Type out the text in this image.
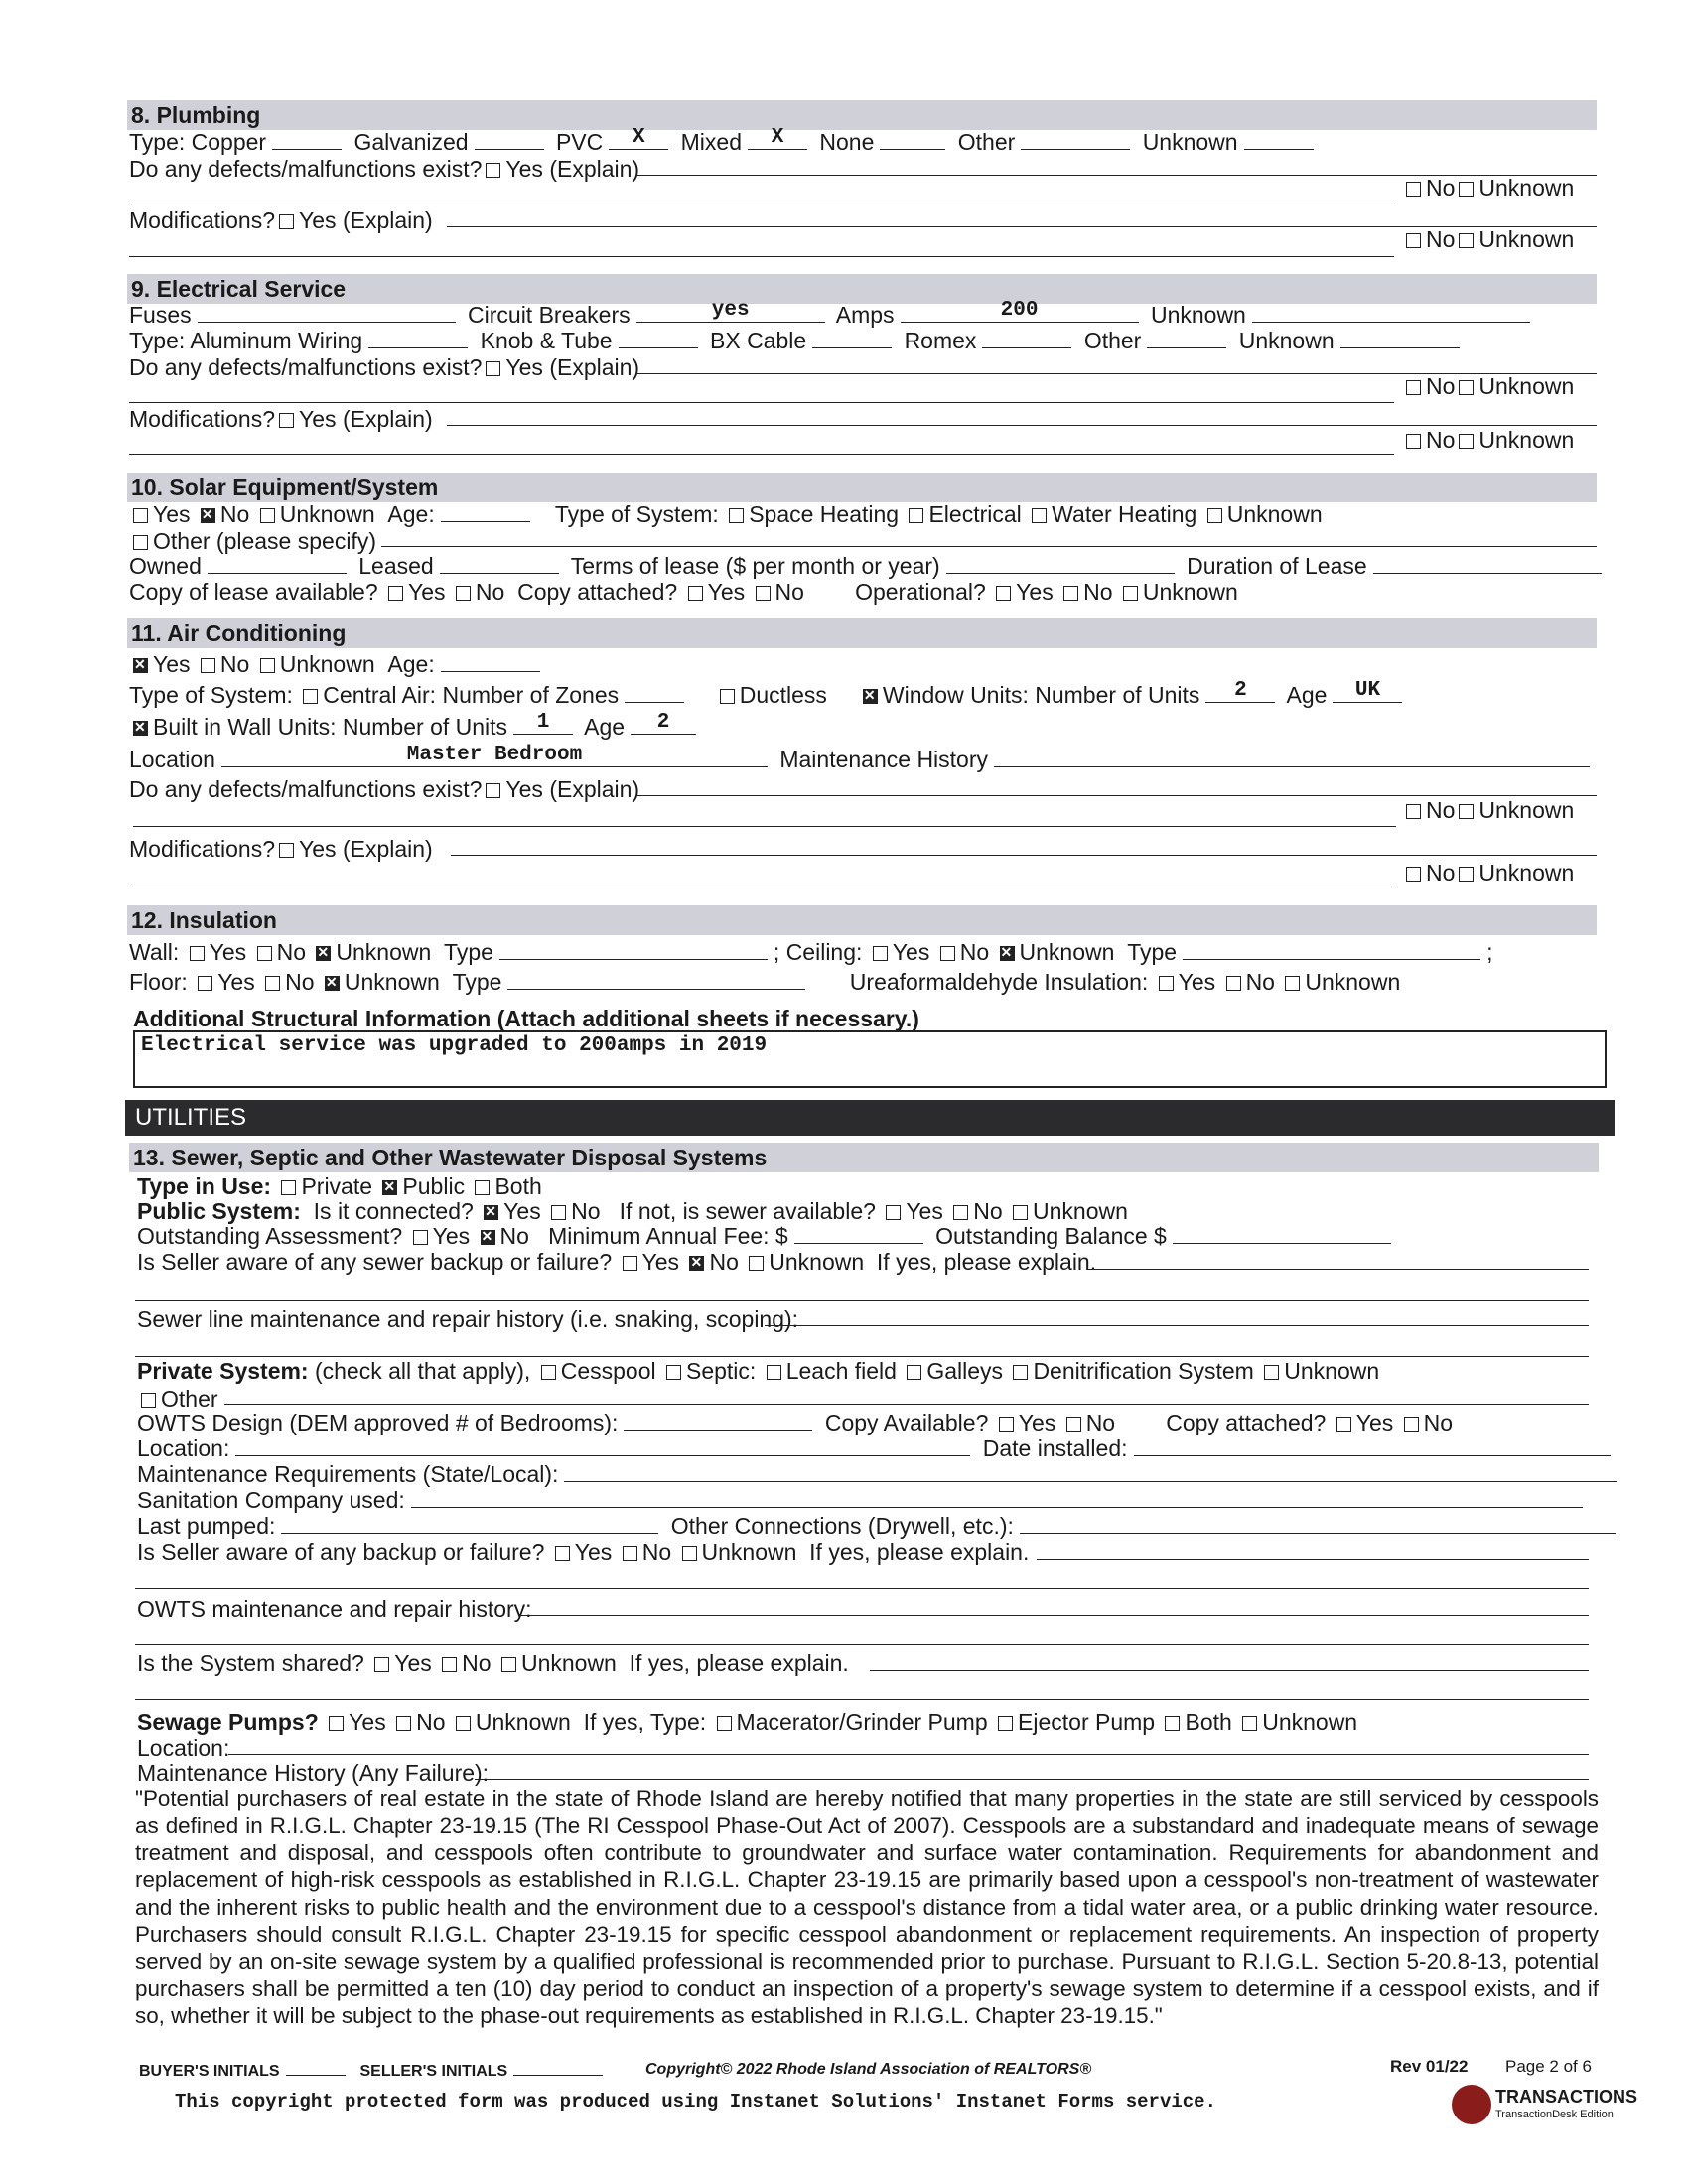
8. Plumbing
Type: Copper	Galvanized	PVC	X	Mixed	X	None	Other	Unknown
Do any defects/malfunctions exist? Yes (Explain)
No Unknown
Modifications? Yes (Explain)
No Unknown
9. Electrical Service
Fuses	Circuit Breakers	yes	Amps	200	Unknown
Type: Aluminum Wiring	Knob & Tube	BX Cable	Romex	Other	Unknown
Do any defects/malfunctions exist? Yes (Explain)
No Unknown
Modifications? Yes (Explain)
No Unknown
10. Solar Equipment/System
Yes ✕ No Unknown Age:	Type of System: Space Heating Electrical Water Heating Unknown
Other (please specify)
Owned	Leased	Terms of lease ($ per month or year)	Duration of Lease
Copy of lease available? Yes No Copy attached? Yes No Operational? Yes No Unknown
11. Air Conditioning
✕Yes No Unknown Age:
Type of System: Central Air: Number of Zones	Ductless ✕ Window Units: Number of Units	2	Age	UK
✕Built in Wall Units: Number of Units	1	Age	2
Location	Master Bedroom	Maintenance History
Do any defects/malfunctions exist? Yes (Explain)
No Unknown
Modifications? Yes (Explain)
No Unknown
12. Insulation
Wall: Yes No ✕ Unknown Type	; Ceiling: Yes No ✕ Unknown Type	;
Floor: Yes No ✕ Unknown Type	Ureaformaldehyde Insulation: Yes No Unknown
Additional Structural Information (Attach additional sheets if necessary.)
Electrical service was upgraded to 200amps in 2019
UTILITIES
13. Sewer, Septic and Other Wastewater Disposal Systems
Type in Use: Private ✕ Public Both
Public System: Is it connected? ✕ Yes No If not, is sewer available? Yes No Unknown
Outstanding Assessment? Yes ✕ No Minimum Annual Fee: $	Outstanding Balance $
Is Seller aware of any sewer backup or failure? Yes ✕ No Unknown If yes, please explain.
Sewer line maintenance and repair history (i.e. snaking, scoping):
Private System: (check all that apply), Cesspool Septic: Leach field Galleys Denitrification System Unknown
Other
OWTS Design (DEM approved # of Bedrooms):	Copy Available? Yes No Copy attached? Yes No
Location:	Date installed:
Maintenance Requirements (State/Local):
Sanitation Company used:
Last pumped:	Other Connections (Drywell, etc.):
Is Seller aware of any backup or failure? Yes No Unknown If yes, please explain.
OWTS maintenance and repair history:
Is the System shared? Yes No Unknown If yes, please explain.
Sewage Pumps? Yes No Unknown If yes, Type: Macerator/Grinder Pump Ejector Pump Both Unknown
Location:
Maintenance History (Any Failure):
"Potential purchasers of real estate in the state of Rhode Island are hereby notified that many properties in the state are still serviced by cesspools as defined in R.I.G.L. Chapter 23-19.15 (The RI Cesspool Phase-Out Act of 2007). Cesspools are a substandard and inadequate means of sewage treatment and disposal, and cesspools often contribute to groundwater and surface water contamination. Requirements for abandonment and replacement of high-risk cesspools as established in R.I.G.L. Chapter 23-19.15 are primarily based upon a cesspool's non-treatment of wastewater and the inherent risks to public health and the environment due to a cesspool's distance from a tidal water area, or a public drinking water resource. Purchasers should consult R.I.G.L. Chapter 23-19.15 for specific cesspool abandonment or replacement requirements. An inspection of property served by an on-site sewage system by a qualified professional is recommended prior to purchase. Pursuant to R.I.G.L. Section 5-20.8-13, potential purchasers shall be permitted a ten (10) day period to conduct an inspection of a property's sewage system to determine if a cesspool exists, and if so, whether it will be subject to the phase-out requirements as established in R.I.G.L. Chapter 23-19.15."
BUYER'S INITIALS	SELLER'S INITIALS	Copyright© 2022 Rhode Island Association of REALTORS®	Rev 01/22 Page 2 of 6
This copyright protected form was produced using Instanet Solutions' Instanet Forms service.	TRANSACTIONS
TransactionDesk Edition
